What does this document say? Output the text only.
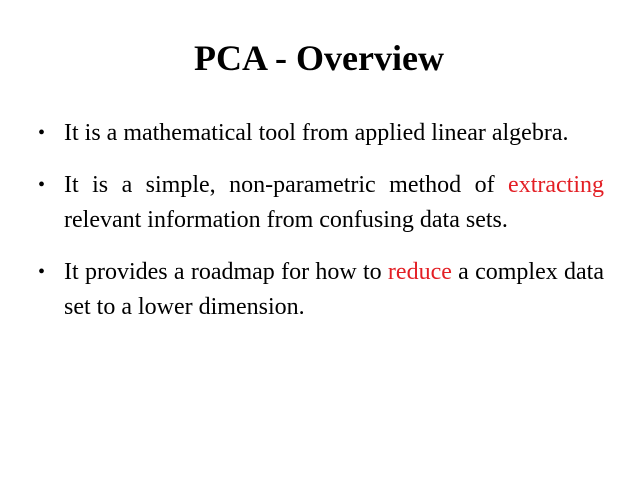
PCA - Overview
• It is a mathematical tool from applied linear algebra.
• It is a simple, non-parametric method of extracting relevant information from confusing data sets.
• It provides a roadmap for how to reduce a complex data set to a lower dimension.
